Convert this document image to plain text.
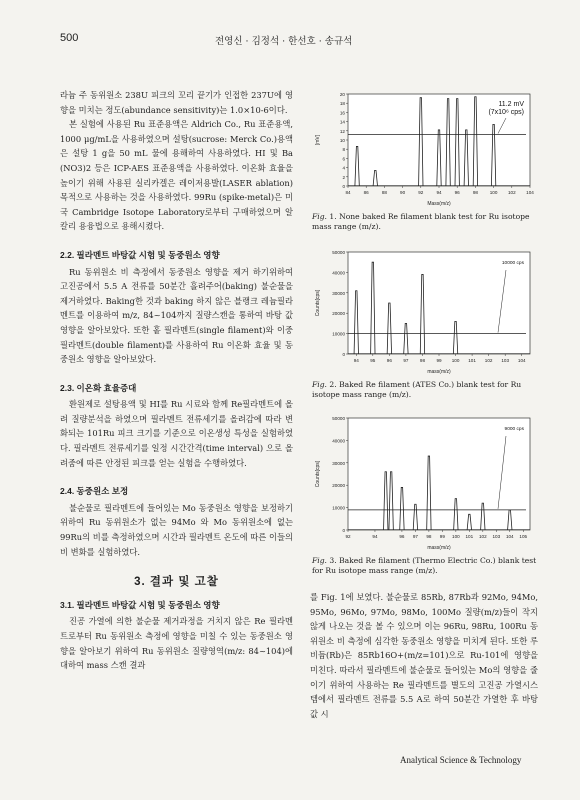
500	전영신 · 김정석 · 한선호 · 송규석

라늄 주 동위원소 238U 피크의 꼬리 끝기가 인접한 237U에 영향을 미치는 정도(abundance sensitivity)는 1.0×10-6이다.

본 실험에 사용된 Ru 표준용액은 Aldrich Co., Ru 표준용액, 1000 μg/mL을 사용하였으며 설탕(sucrose: Merck Co.)용액은 설탕 1 g을 50 mL 물에 용해하여 사용하였다. HI 및 Ba (NO3)2 등은 ICP-AES 표준용액을 사용하였다. 이온화 효율을 높이기 위해 사용된 실리카겔은 레이저용발(LASER ablation) 목적으로 사용하는 것을 사용하였다. 99Ru (spike-metal)은 미국 Cambridge Isotope Laboratory로부터 구매하였으며 알칼리 용융법으로 용해시켰다.

2.2. 필라멘트 바탕값 시험 및 동중원소 영향

Ru 동위원소 비 측정에서 동중원소 영향을 제거 하기위하여 고진공에서 5.5 A 전류를 50분간 흘려주어(baking) 불순물을 제거하였다. Baking한 것과 baking 하지 않은 블랭크 레늄필라멘트를 이용하여 m/z, 84~104까지 질량스캔을 통하여 바탕 값 영향을 알아보았다. 또한 홑 필라멘트(single filament)와 이중 필라멘트(double filament)를 사용하여 Ru 이온화 효율 및 동중원소 영향을 알아보았다.

2.3. 이온화 효율증대

환원제로 설탕용액 및 HI를 Ru 시료와 함께 Re필라멘트에 올려 질량분석을 하였으며 필라멘트 전류세기를 올려감에 따라 변화되는 101Ru 피크 크기를 기준으로 이온생성 특성을 실험하였다. 필라멘트 전류세기를 일정 시간간격(time interval) 으로 올려줌에 따른 안정된 피크를 얻는 실험을 수행하였다.

2.4. 동중원소 보정

불순물로 필라멘트에 들어있는 Mo 동중원소 영향을 보정하기위하여 Ru 동위원소가 없는 94Mo 와 Mo 동위원소에 없는 99Ru의 비를 측정하였으며 시간과 필라멘트 온도에 따른 이들의 비 변화를 실험하였다.

3. 결과 및 고찰
3.1. 필라멘트 바탕값 시험 및 동중원소 영향

진공 가열에 의한 불순물 제거과정을 거치지 않은 Re 필라멘트로부터 Ru 동위원소 측정에 영향을 미칠 수 있는 동중원소 영향을 알아보기 위하여 Ru 동위원소 질량영역(m/z: 84~104)에 대하여 mass 스캔 결과

0
2
4
6
8
10
12
14
16
18
20
84	86	88	90	92	94	96	98	100 102 104
11.2 mV
(7x10⁶ cps)
Mass(m/z)
[mV]
Fig. 1. None baked Re filament blank test for Ru isotope mass range (m/z).
0
10000
20000
30000
40000
50000
94 95 96 97 98 99 100 101 102 103 104
10000 cps
mass(m/z)
Counts[cps]
Fig. 2. Baked Re filament (ATES Co.) blank test for Ru isotope mass range (m/z).
0
10000
20000
30000
40000
50000
92	94	96 97 98 99 100 101 102 103 104 105
9000 cps
mass(m/z)
Counts[cps]
Fig. 3. Baked Re filament (Thermo Electric Co.) blank test for Ru isotope mass range (m/z).

를 Fig. 1에 보였다. 불순물로 85Rb, 87Rb과 92Mo, 94Mo, 95Mo, 96Mo, 97Mo, 98Mo, 100Mo 질량(m/z)들이 작지 않게 나오는 것을 볼 수 있으며 이는 96Ru, 98Ru, 100Ru 동위원소 비 측정에 심각한 동중원소 영향을 미치게 된다. 또한 루비듐(Rb)은 85Rb16O+(m/z=101)으로 Ru-101에 영향을 미친다. 따라서 필라멘트에 불순물로 들어있는 Mo의 영향을 줄이기 위하여 사용하는 Re 필라멘트를 별도의 고진공 가열시스템에서 필라멘트 전류를 5.5 A로 하여 50분간 가열한 후 바탕값 시

Analytical Science & Technology
